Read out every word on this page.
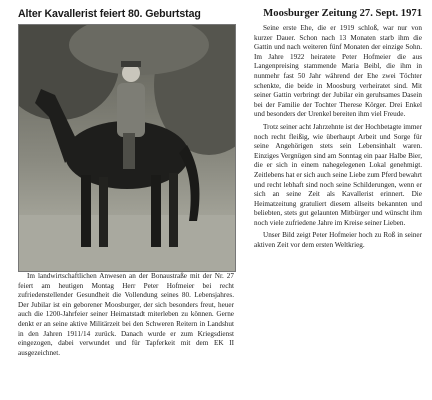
Alter Kavallerist feiert 80. Geburtstag	Moosburger Zeitung 27. Sept. 1971

Im landwirtschaftlichen Anwesen an der Bonaustraße mit der Nr. 27 feiert am heutigen Montag Herr Peter Hofmeier bei recht zufriedenstellender Gesundheit die Vollendung seines 80. Lebensjahres. Der Jubilar ist ein geborener Moosburger, der sich besonders freut, heuer auch die 1200-Jahrfeier seiner Heimatstadt miterleben zu können. Gerne denkt er an seine aktive Militärzeit bei den Schweren Reitern in Landshut in den Jahren 1911/14 zurück. Danach wurde er zum Kriegsdienst eingezogen, dabei verwundet und für Tapferkeit mit dem EK II ausgezeichnet.

Seine erste Ehe, die er 1919 schloß, war nur von kurzer Dauer. Schon nach 13 Monaten starb ihm die Gattin und nach weiteren fünf Monaten der einzige Sohn. Im Jahre 1922 heiratete Peter Hofmeier die aus Langenpreising stammende Maria Beibl, die ihm in nunmehr fast 50 Jahr während der Ehe zwei Töchter schenkte, die beide in Moosburg verheiratet sind. Mit seiner Gattin verbringt der Jubilar ein geruhsames Dasein bei der Familie der Tochter Therese Körger. Drei Enkel und besonders der Urenkel bereiten ihm viel Freude.

Trotz seiner acht Jahrzehnte ist der Hochbetagte immer noch recht fleißig, wie überhaupt Arbeit und Sorge für seine Angehörigen stets sein Lebensinhalt waren. Einziges Vergnügen sind am Sonntag ein paar Halbe Bier, die er sich in einem nahegelegenen Lokal genehmigt. Zeitlebens hat er sich auch seine Liebe zum Pferd bewahrt und recht lebhaft sind noch seine Schilderungen, wenn er sich an seine Zeit als Kavallerist erinnert. Die Heimatzeitung gratuliert diesem allseits bekannten und beliebten, stets gut gelaunten Mitbürger und wünscht ihm noch viele zufriedene Jahre im Kreise seiner Lieben.

Unser Bild zeigt Peter Hofmeier hoch zu Roß in seiner aktiven Zeit vor dem ersten Weltkrieg.
